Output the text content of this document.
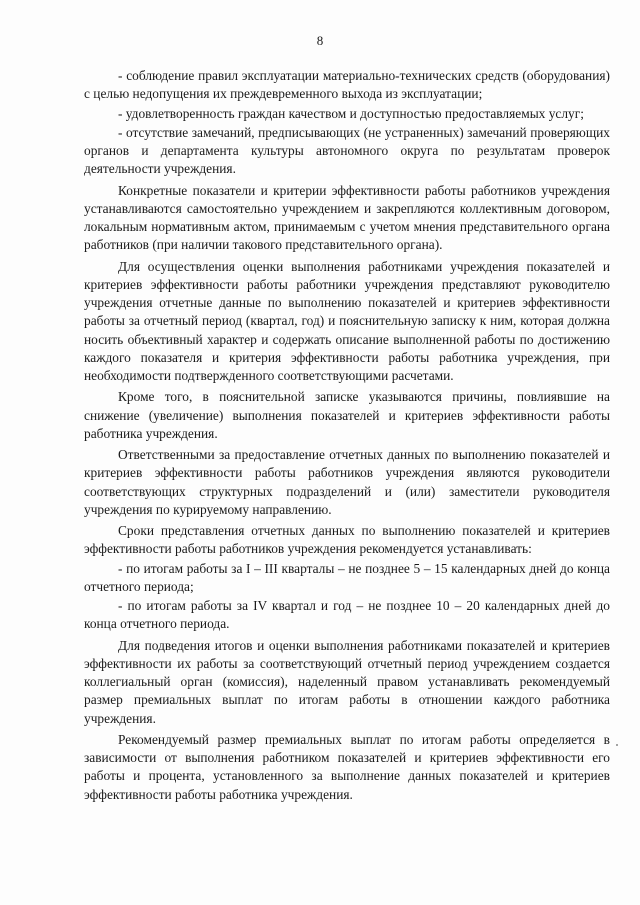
8

- соблюдение правил эксплуатации материально-технических средств (оборудования) с целью недопущения их преждевременного выхода из эксплуатации;

- удовлетворенность граждан качеством и доступностью предоставляемых услуг;

- отсутствие замечаний, предписывающих (не устраненных) замечаний проверяющих органов и департамента культуры автономного округа по результатам проверок деятельности учреждения.

Конкретные показатели и критерии эффективности работы работников учреждения устанавливаются самостоятельно учреждением и закрепляются коллективным договором, локальным нормативным актом, принимаемым с учетом мнения представительного органа работников (при наличии такового представительного органа).

Для осуществления оценки выполнения работниками учреждения показателей и критериев эффективности работы работники учреждения представляют руководителю учреждения отчетные данные по выполнению показателей и критериев эффективности работы за отчетный период (квартал, год) и пояснительную записку к ним, которая должна носить объективный характер и содержать описание выполненной работы по достижению каждого показателя и критерия эффективности работы работника учреждения, при необходимости подтвержденного соответствующими расчетами.

Кроме того, в пояснительной записке указываются причины, повлиявшие на снижение (увеличение) выполнения показателей и критериев эффективности работы работника учреждения.

Ответственными за предоставление отчетных данных по выполнению показателей и критериев эффективности работы работников учреждения являются руководители соответствующих структурных подразделений и (или) заместители руководителя учреждения по курируемому направлению.

Сроки представления отчетных данных по выполнению показателей и критериев эффективности работы работников учреждения рекомендуется устанавливать:

- по итогам работы за I – III кварталы – не позднее 5 – 15 календарных дней до конца отчетного периода;

- по итогам работы за IV квартал и год – не позднее 10 – 20 календарных дней до конца отчетного периода.

Для подведения итогов и оценки выполнения работниками показателей и критериев эффективности их работы за соответствующий отчетный период учреждением создается коллегиальный орган (комиссия), наделенный правом устанавливать рекомендуемый размер премиальных выплат по итогам работы в отношении каждого работника учреждения.

Рекомендуемый размер премиальных выплат по итогам работы определяется в зависимости от выполнения работником показателей и критериев эффективности его работы и процента, установленного за выполнение данных показателей и критериев эффективности работы работника учреждения.
